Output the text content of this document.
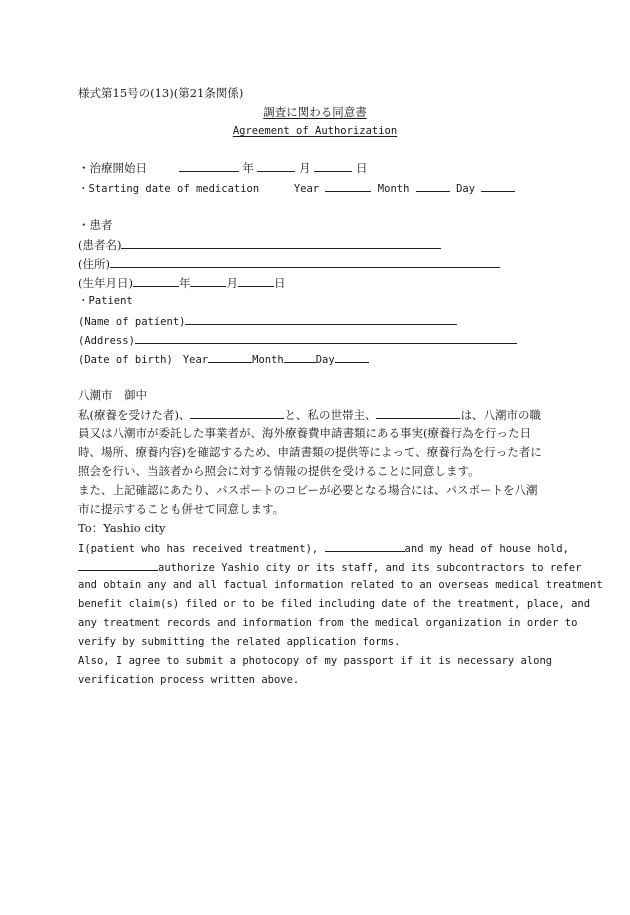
様式第15号の(13)(第21条関係)
調査に関わる同意書
Agreement of Authorization
・治療開始日	年	月	日
・Starting date of medication	Year	Month	Day
・患者
(患者名)
(住所)
(生年月日)	年	月	日
・Patient
(Name of patient)
(Address)
(Date of birth) Year	Month	Day
八潮市　御中
私(療養を受けた者)、	と、私の世帯主、	は、八潮市の職
員又は八潮市が委託した事業者が、海外療養費申請書類にある事実(療養行為を行った日
時、場所、療養内容)を確認するため、申請書類の提供等によって、療養行為を行った者に
照会を行い、当該者から照会に対する情報の提供を受けることに同意します。
また、上記確認にあたり、パスポートのコピーが必要となる場合には、パスポートを八潮
市に提示することも併せて同意します。
To：Yashio city
I(patient who has received treatment),	and my head of house hold,
authorize Yashio city or its staff, and its subcontractors to refer
and obtain any and all factual information related to an overseas medical treatment
benefit claim(s) filed or to be filed including date of the treatment, place, and
any treatment records and information from the medical organization in order to
verify by submitting the related application forms.
Also, I agree to submit a photocopy of my passport if it is necessary along
verification process written above.
